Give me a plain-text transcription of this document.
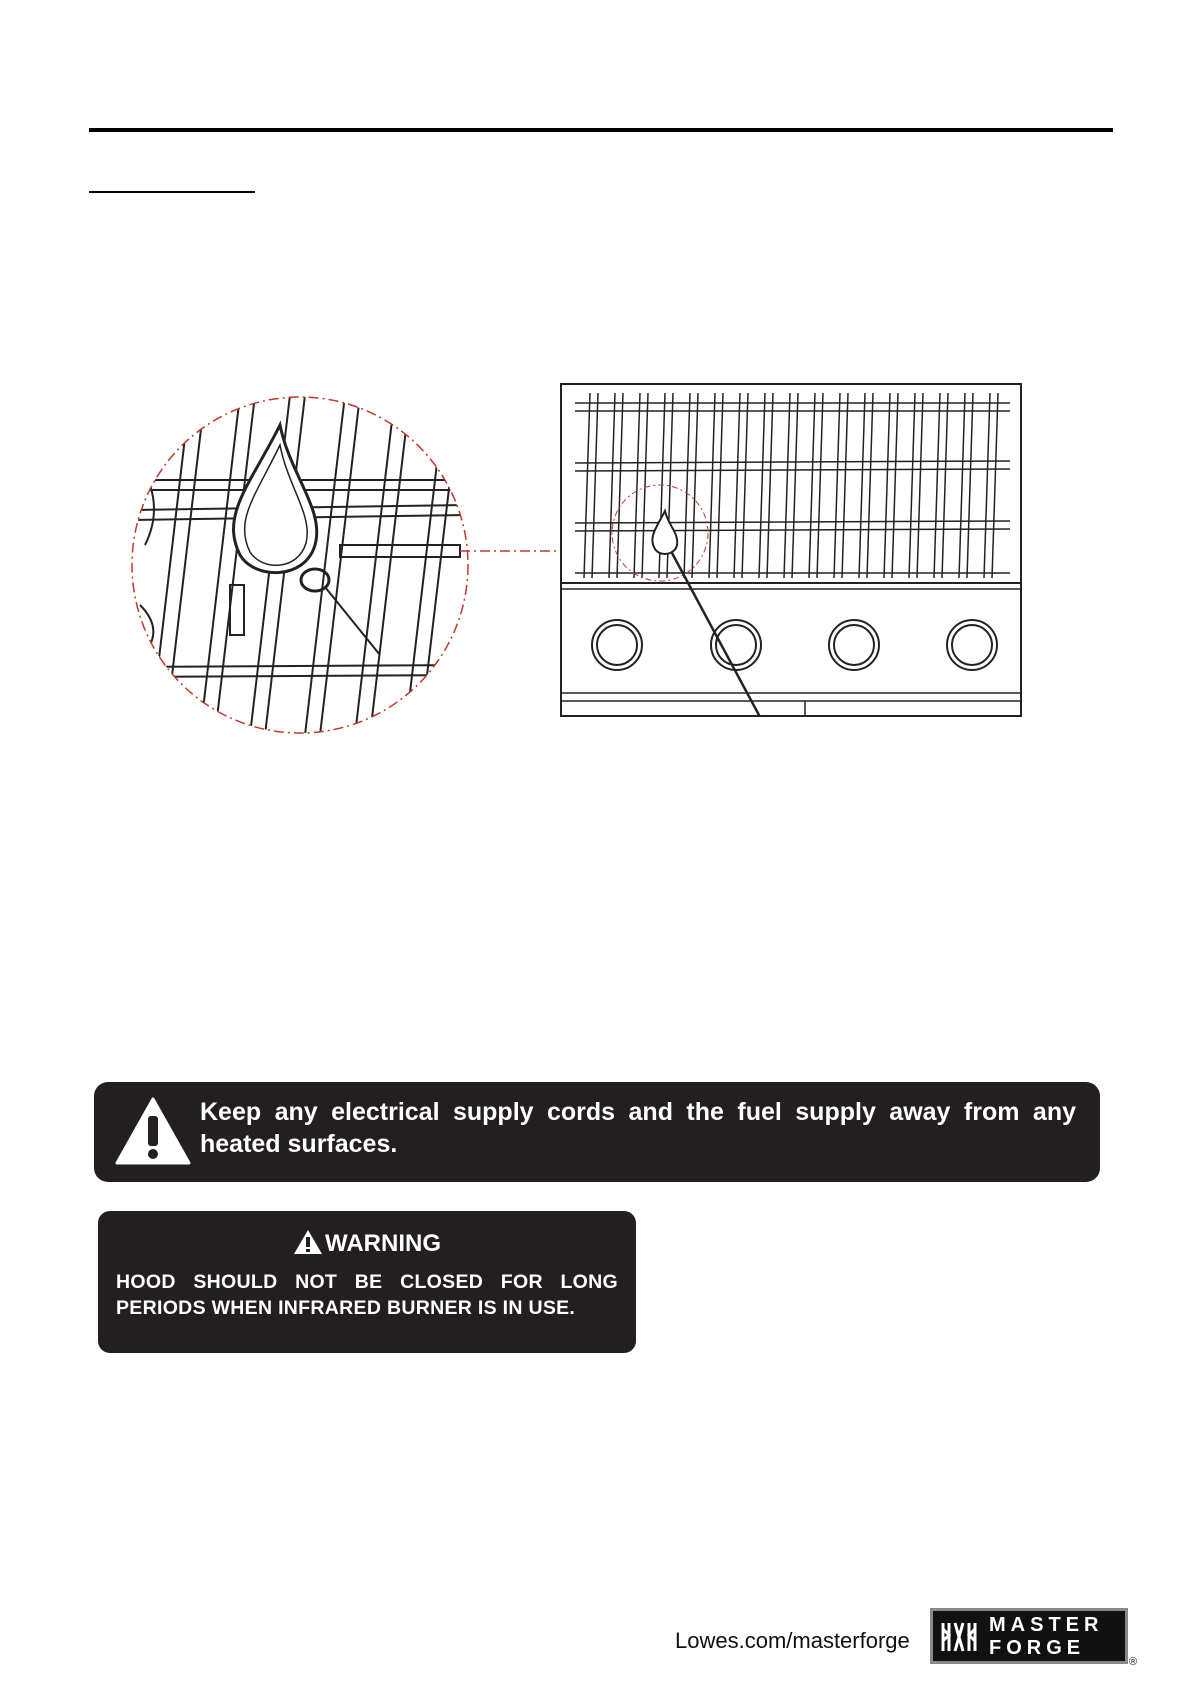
Keep any electrical supply cords and the fuel supply away from any heated surfaces.
WARNING
HOOD SHOULD NOT BE CLOSED FOR LONG PERIODS WHEN INFRARED BURNER IS IN USE.
Lowes.com/masterforge
MASTER
FORGE
®
